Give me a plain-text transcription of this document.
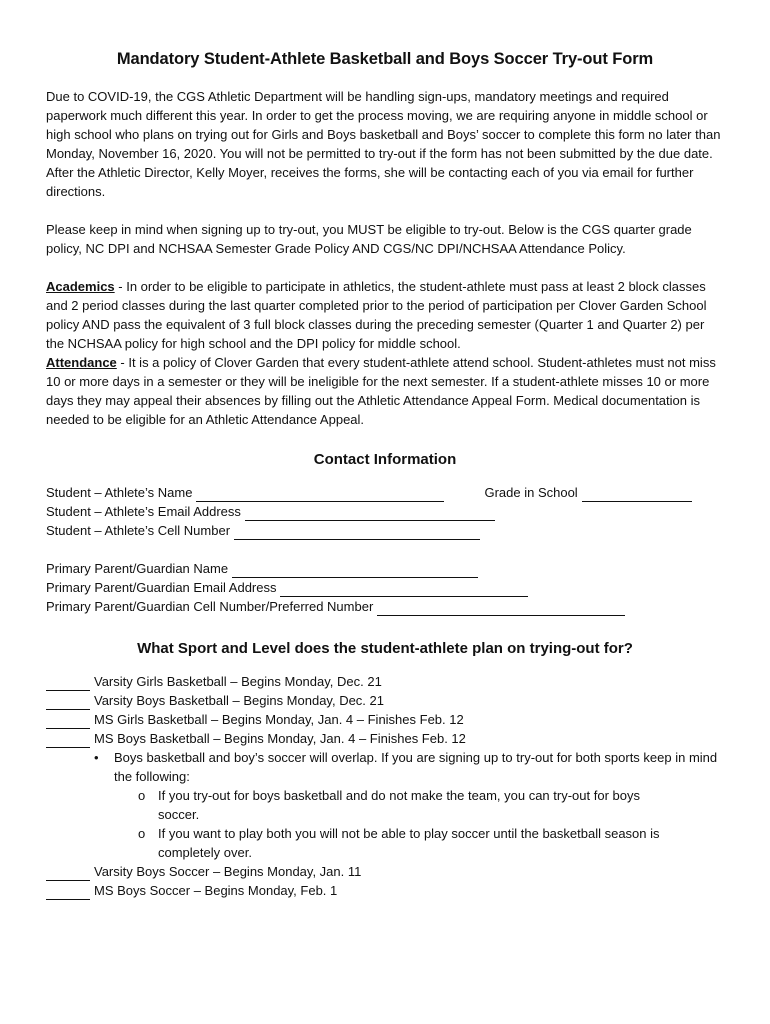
Mandatory Student-Athlete Basketball and Boys Soccer Try-out Form

Due to COVID-19, the CGS Athletic Department will be handling sign-ups, mandatory meetings and required paperwork much different this year. In order to get the process moving, we are requiring anyone in middle school or high school who plans on trying out for Girls and Boys basketball and Boys’ soccer to complete this form no later than Monday, November 16, 2020. You will not be permitted to try-out if the form has not been submitted by the due date. After the Athletic Director, Kelly Moyer, receives the forms, she will be contacting each of you via email for further directions.

Please keep in mind when signing up to try-out, you MUST be eligible to try-out. Below is the CGS quarter grade policy, NC DPI and NCHSAA Semester Grade Policy AND CGS/NC DPI/NCHSAA Attendance Policy.

Academics - In order to be eligible to participate in athletics, the student-athlete must pass at least 2 block classes and 2 period classes during the last quarter completed prior to the period of participation per Clover Garden School policy AND pass the equivalent of 3 full block classes during the preceding semester (Quarter 1 and Quarter 2) per the NCHSAA policy for high school and the DPI policy for middle school.

Attendance - It is a policy of Clover Garden that every student-athlete attend school. Student-athletes must not miss 10 or more days in a semester or they will be ineligible for the next semester. If a student-athlete misses 10 or more days they may appeal their absences by filling out the Athletic Attendance Appeal Form. Medical documentation is needed to be eligible for an Athletic Attendance Appeal.

Contact Information
Student – Athlete’s Name	Grade in School
Student – Athlete’s Email Address
Student – Athlete’s Cell Number
Primary Parent/Guardian Name
Primary Parent/Guardian Email Address
Primary Parent/Guardian Cell Number/Preferred Number
What Sport and Level does the student-athlete plan on trying-out for?
Varsity Girls Basketball – Begins Monday, Dec. 21
Varsity Boys Basketball – Begins Monday, Dec. 21
MS Girls Basketball – Begins Monday, Jan. 4 – Finishes Feb. 12
MS Boys Basketball – Begins Monday, Jan. 4 – Finishes Feb. 12
• Boys basketball and boy’s soccer will overlap. If you are signing up to try-out for both sports keep in mind the following:
o If you try-out for boys basketball and do not make the team, you can try-out for boys soccer.
o If you want to play both you will not be able to play soccer until the basketball season is completely over.
Varsity Boys Soccer – Begins Monday, Jan. 11
MS Boys Soccer – Begins Monday, Feb. 1
